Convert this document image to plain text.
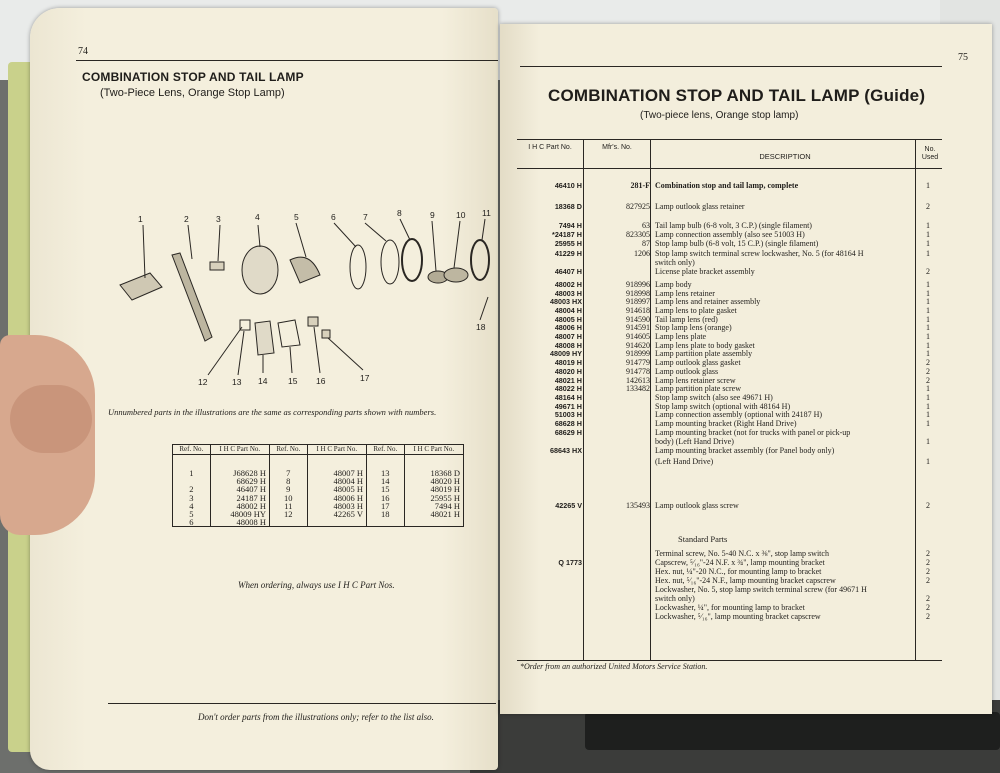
74
COMBINATION STOP AND TAIL LAMP
(Two-Piece Lens, Orange Stop Lamp)
1	2	3	4	5	6	7	8	9	10 11
12	13 14 15 16	17
18
Unnumbered parts in the illustrations are the same as corresponding parts shown with numbers.
Ref. No.	I H C Part No.	Ref. No.	I H C Part No.	Ref. No.	I H C Part No.

1	J68628 H	7	48007 H	13	18368 D
	68629 H	8	48004 H	14	48020 H
2	46407 H	9	48005 H	15	48019 H
3	24187 H	10	48006 H	16	25955 H
4	48002 H	11	48003 H	17	7494 H
5	48009 HY	12	42265 V	18	48021 H
6	48008 H				
When ordering, always use I H C Part Nos.
Don't order parts from the illustrations only; refer to the list also.
75
COMBINATION STOP AND TAIL LAMP (Guide)
(Two-piece lens, Orange stop lamp)
I H C Part No.	Mfr's. No.
DESCRIPTION
No. Used
46410 H	281-F Combination stop and tail lamp, complete	1
18368 D	827925 Lamp outlook glass retainer	2
7494 H	63 Tail lamp bulb (6-8 volt, 3 C.P.) (single filament)	1
*24187 H	823305 Lamp connection assembly (also see 51003 H)	1
25955 H	87 Stop lamp bulb (6-8 volt, 15 C.P.) (single filament)	1
41229 H	1206 Stop lamp switch terminal screw lockwasher, No. 5 (for 48164 H	1
switch only)
46407 H	License plate bracket assembly	2
48002 H	918996 Lamp body	1
48003 H	918998 Lamp lens retainer	1
48003 HX	918997 Lamp lens and retainer assembly	1
48004 H	914618 Lamp lens to plate gasket	1
48005 H	914590 Tail lamp lens (red)	1
48006 H	914591 Stop lamp lens (orange)	1
48007 H	914605 Lamp lens plate	1
48008 H	914620 Lamp lens plate to body gasket	1
48009 HY	918999 Lamp partition plate assembly	1
48019 H	914779 Lamp outlook glass gasket	2
48020 H	914778 Lamp outlook glass	2
48021 H	142613 Lamp lens retainer screw	2
48022 H	133482 Lamp partition plate screw	1
48164 H	Stop lamp switch (also see 49671 H)	1
49671 H	Stop lamp switch (optional with 48164 H)	1
51003 H	Lamp connection assembly (optional with 24187 H)	1
68628 H	Lamp mounting bracket (Right Hand Drive)	1
68629 H	Lamp mounting bracket (not for trucks with panel or pick-up
body) (Left Hand Drive)	1
68643 HX	Lamp mounting bracket assembly (for Panel body only)
(Left Hand Drive)	1
42265 V	135493 Lamp outlook glass screw	2
Terminal screw, No. 5-40 N.C. x ⅜", stop lamp switch	2
Q 1773	Capscrew, ⁵⁄₁₆"-24 N.F. x ¾", lamp mounting bracket	2
Hex. nut, ¼"-20 N.C., for mounting lamp to bracket	2
Hex. nut, ⁵⁄₁₆"-24 N.F., lamp mounting bracket capscrew	2
Lockwasher, No. 5, stop lamp switch terminal screw (for 49671 H
switch only)	2
Lockwasher, ¼", for mounting lamp to bracket	2
Lockwasher, ⁵⁄₁₆", lamp mounting bracket capscrew	2
Standard Parts
*Order from an authorized United Motors Service Station.
